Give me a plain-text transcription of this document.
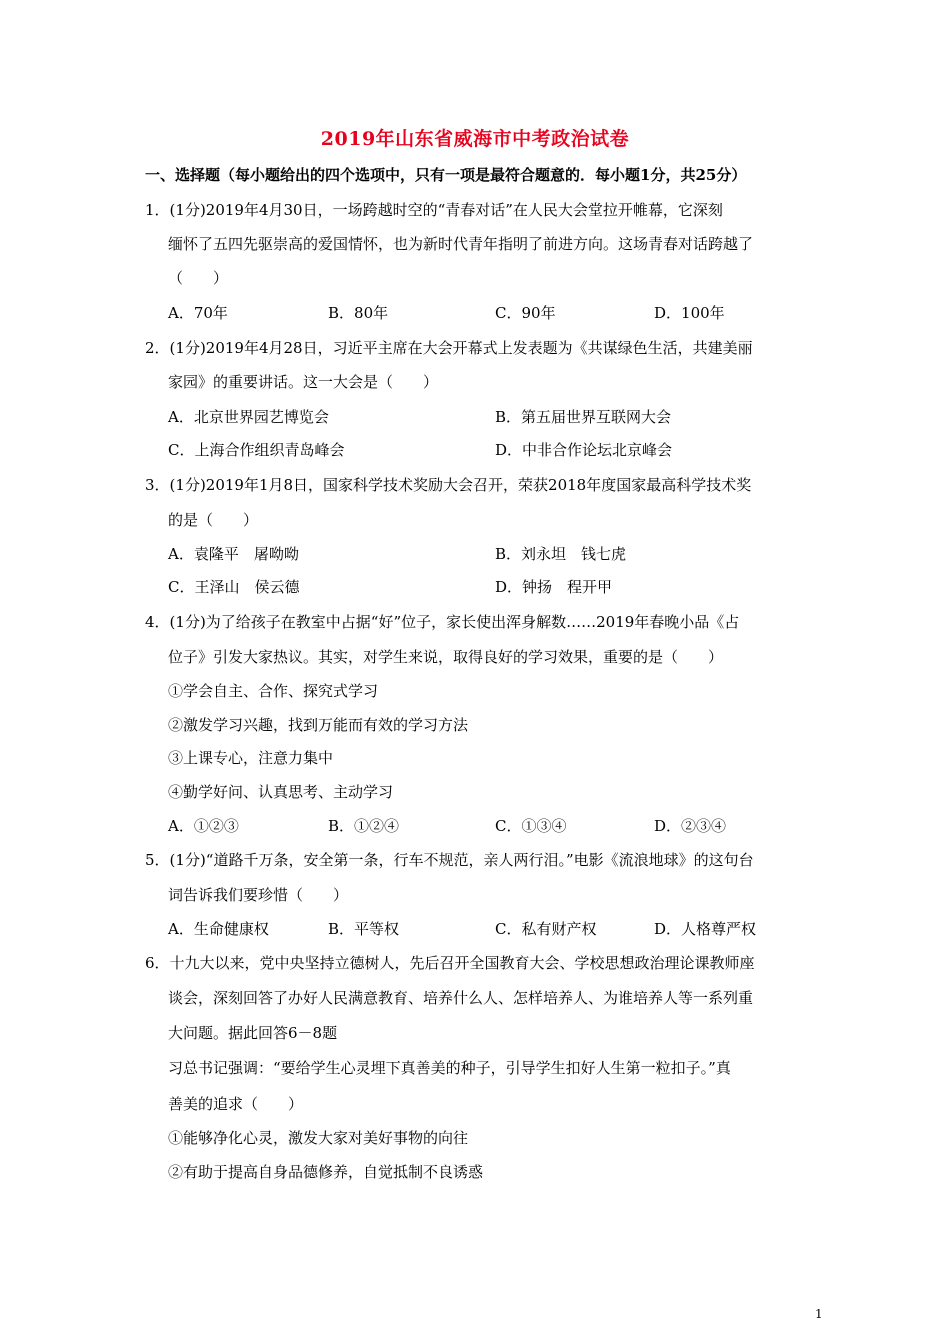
2019年山东省威海市中考政治试卷
一、选择题（每小题给出的四个选项中，只有一项是最符合题意的．每小题1分，共25分）
1．(1分)2019年4月30日，一场跨越时空的“青春对话”在人民大会堂拉开帷幕，它深刻
缅怀了五四先驱崇高的爱国情怀，也为新时代青年指明了前进方向。这场青春对话跨越了
（　　）
A．70年	B．80年	C．90年	D．100年
2．(1分)2019年4月28日，习近平主席在大会开幕式上发表题为《共谋绿色生活，共建美丽
家园》的重要讲话。这一大会是（　　）
A．北京世界园艺博览会	B．第五届世界互联网大会
C．上海合作组织青岛峰会	D．中非合作论坛北京峰会
3．(1分)2019年1月8日，国家科学技术奖励大会召开，荣获2018年度国家最高科学技术奖
的是（　　）
A．袁隆平　屠呦呦	B．刘永坦　钱七虎
C．王泽山　侯云德	D．钟扬　程开甲
4．(1分)为了给孩子在教室中占据“好”位子，家长使出浑身解数……2019年春晚小品《占
位子》引发大家热议。其实，对学生来说，取得良好的学习效果，重要的是（　　）
①学会自主、合作、探究式学习
②激发学习兴趣，找到万能而有效的学习方法
③上课专心，注意力集中
④勤学好问、认真思考、主动学习
A．①②③	B．①②④	C．①③④	D．②③④
5．(1分)“道路千万条，安全第一条，行车不规范，亲人两行泪。”电影《流浪地球》的这句台
词告诉我们要珍惜（　　）
A．生命健康权	B．平等权	C．私有财产权	D．人格尊严权
6．十九大以来，党中央坚持立德树人，先后召开全国教育大会、学校思想政治理论课教师座
谈会，深刻回答了办好人民满意教育、培养什么人、怎样培养人、为谁培养人等一系列重
大问题。据此回答6－8题
习总书记强调：“要给学生心灵埋下真善美的种子，引导学生扣好人生第一粒扣子。”真
善美的追求（　　）
①能够净化心灵，激发大家对美好事物的向往
②有助于提高自身品德修养，自觉抵制不良诱惑
1
